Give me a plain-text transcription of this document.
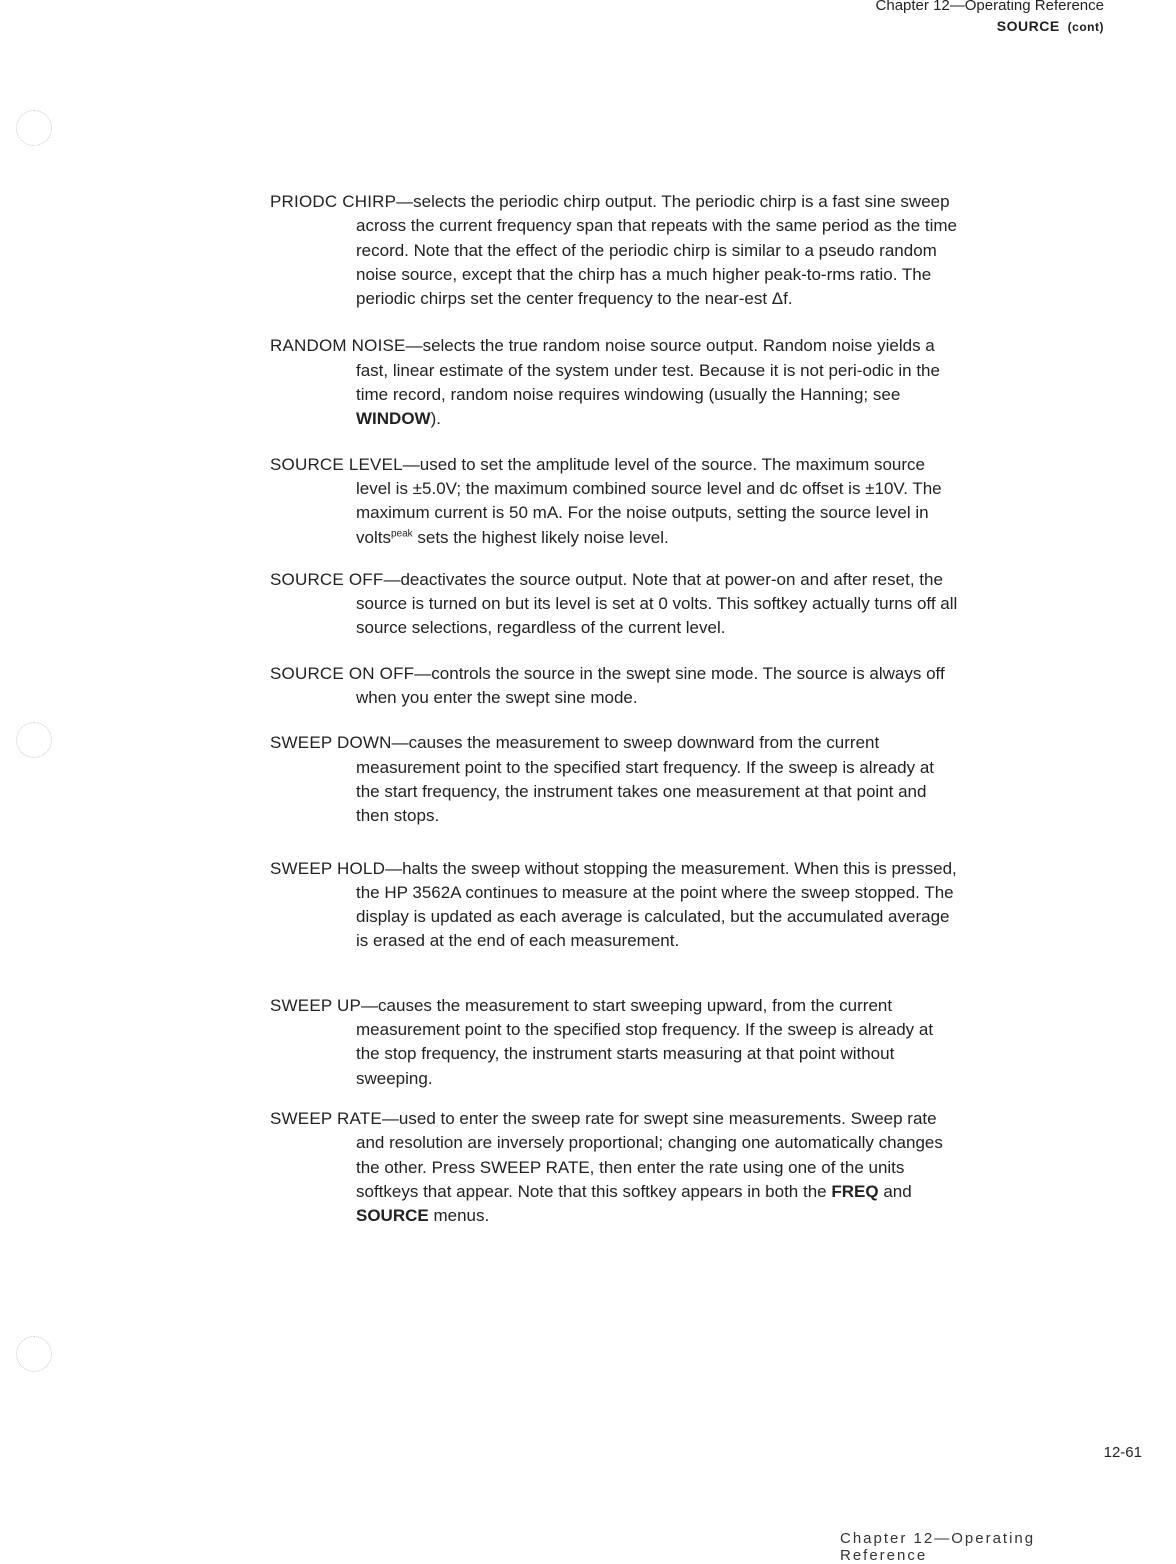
Chapter 12—Operating Reference
SOURCE (cont)

PRIODC CHIRP—selects the periodic chirp output. The periodic chirp is a fast sine sweep across the current frequency span that repeats with the same period as the time record. Note that the effect of the periodic chirp is similar to a pseudo random noise source, except that the chirp has a much higher peak-to-rms ratio. The periodic chirps set the center frequency to the near-est Δf.

RANDOM NOISE—selects the true random noise source output. Random noise yields a fast, linear estimate of the system under test. Because it is not peri-odic in the time record, random noise requires windowing (usually the Hanning; see WINDOW).

SOURCE LEVEL—used to set the amplitude level of the source. The maximum source level is ±5.0V; the maximum combined source level and dc offset is ±10V. The maximum current is 50 mA. For the noise outputs, setting the source level in volts$^{peak}$ sets the highest likely noise level.

SOURCE OFF—deactivates the source output. Note that at power-on and after reset, the source is turned on but its level is set at 0 volts. This softkey actually turns off all source selections, regardless of the current level.

SOURCE ON OFF—controls the source in the swept sine mode. The source is always off when you enter the swept sine mode.

SWEEP DOWN—causes the measurement to sweep downward from the current measurement point to the specified start frequency. If the sweep is already at the start frequency, the instrument takes one measurement at that point and then stops.

SWEEP HOLD—halts the sweep without stopping the measurement. When this is pressed, the HP 3562A continues to measure at the point where the sweep stopped. The display is updated as each average is calculated, but the accumulated average is erased at the end of each measurement.

SWEEP UP—causes the measurement to start sweeping upward, from the current measurement point to the specified stop frequency. If the sweep is already at the stop frequency, the instrument starts measuring at that point without sweeping.

SWEEP RATE—used to enter the sweep rate for swept sine measurements. Sweep rate and resolution are inversely proportional; changing one automatically changes the other. Press SWEEP RATE, then enter the rate using one of the units softkeys that appear. Note that this softkey appears in both the FREQ and SOURCE menus.

12-61
Chapter 12—Operating Reference
